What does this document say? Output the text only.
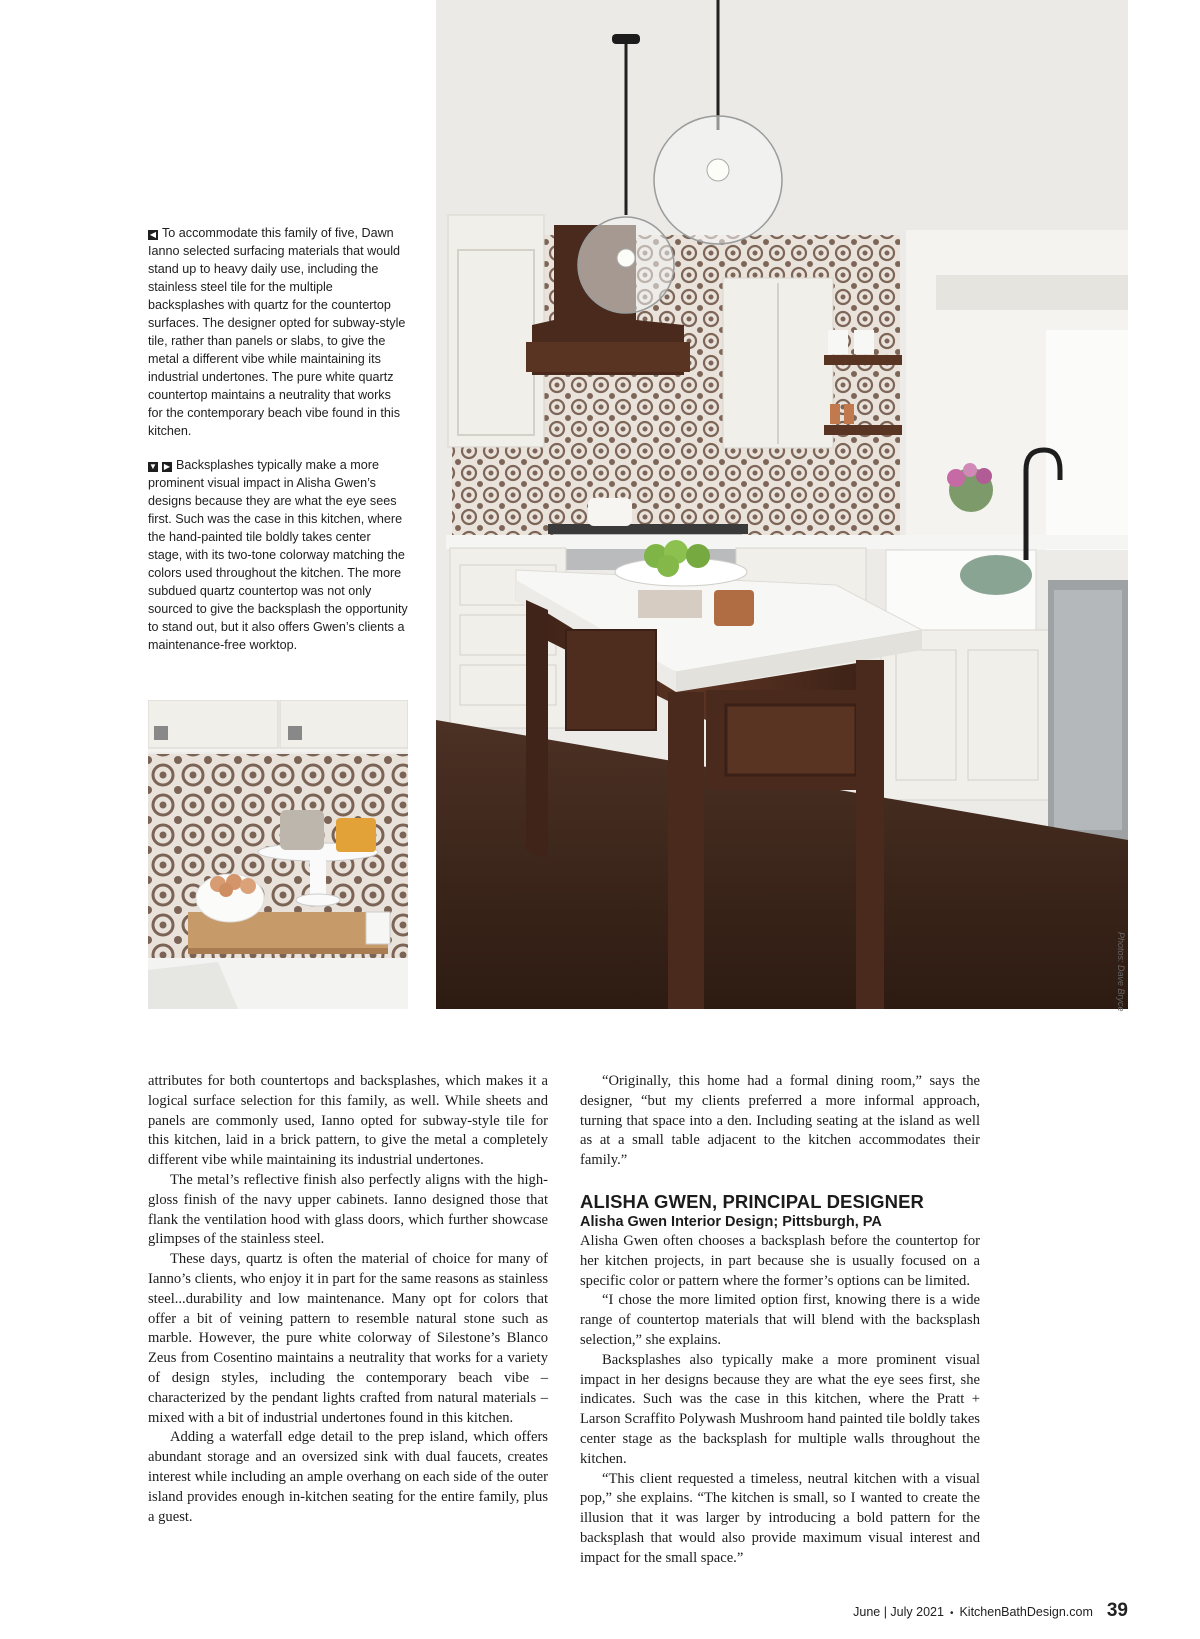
◀ To accommodate this family of five, Dawn Ianno selected surfacing materials that would stand up to heavy daily use, including the stainless steel tile for the multiple backsplashes with quartz for the countertop surfaces. The designer opted for subway-style tile, rather than panels or slabs, to give the metal a different vibe while maintaining its industrial undertones. The pure white quartz countertop maintains a neutrality that works for the contemporary beach vibe found in this kitchen.

▼ ▶ Backsplashes typically make a more prominent visual impact in Alisha Gwen’s designs because they are what the eye sees first. Such was the case in this kitchen, where the hand-painted tile boldly takes center stage, with its two-tone colorway matching the colors used throughout the kitchen. The more subdued quartz countertop was not only sourced to give the backsplash the opportunity to stand out, but it also offers Gwen’s clients a maintenance-free worktop.

Photos: Dave Bryce

attributes for both countertops and backsplashes, which makes it a logical surface selection for this family, as well. While sheets and panels are commonly used, Ianno opted for subway-style tile for this kitchen, laid in a brick pattern, to give the metal a completely different vibe while maintaining its industrial undertones.

The metal’s reflective finish also perfectly aligns with the high-gloss finish of the navy upper cabinets. Ianno designed those that flank the ventilation hood with glass doors, which further showcase glimpses of the stainless steel.

These days, quartz is often the material of choice for many of Ianno’s clients, who enjoy it in part for the same reasons as stainless steel...durability and low maintenance. Many opt for colors that offer a bit of veining pattern to resemble natural stone such as marble. However, the pure white colorway of Silestone’s Blanco Zeus from Cosentino maintains a neutrality that works for a variety of design styles, including the contemporary beach vibe – characterized by the pendant lights crafted from natural materials – mixed with a bit of industrial undertones found in this kitchen.

Adding a waterfall edge detail to the prep island, which offers abundant storage and an oversized sink with dual faucets, creates interest while including an ample overhang on each side of the outer island provides enough in-kitchen seating for the entire family, plus a guest.

“Originally, this home had a formal dining room,” says the designer, “but my clients preferred a more informal approach, turning that space into a den. Including seating at the island as well as at a small table adjacent to the kitchen accommodates their family.”

ALISHA GWEN, PRINCIPAL DESIGNER
Alisha Gwen Interior Design; Pittsburgh, PA

Alisha Gwen often chooses a backsplash before the countertop for her kitchen projects, in part because she is usually focused on a specific color or pattern where the former’s options can be limited.

“I chose the more limited option first, knowing there is a wide range of countertop materials that will blend with the backsplash selection,” she explains.

Backsplashes also typically make a more prominent visual impact in her designs because they are what the eye sees first, she indicates. Such was the case in this kitchen, where the Pratt + Larson Scraffito Polywash Mushroom hand painted tile boldly takes center stage as the backsplash for multiple walls throughout the kitchen.

“This client requested a timeless, neutral kitchen with a visual pop,” she explains. “The kitchen is small, so I wanted to create the illusion that it was larger by introducing a bold pattern for the backsplash that would also provide maximum visual interest and impact for the small space.”

June | July 2021 • KitchenBathDesign.com 39
